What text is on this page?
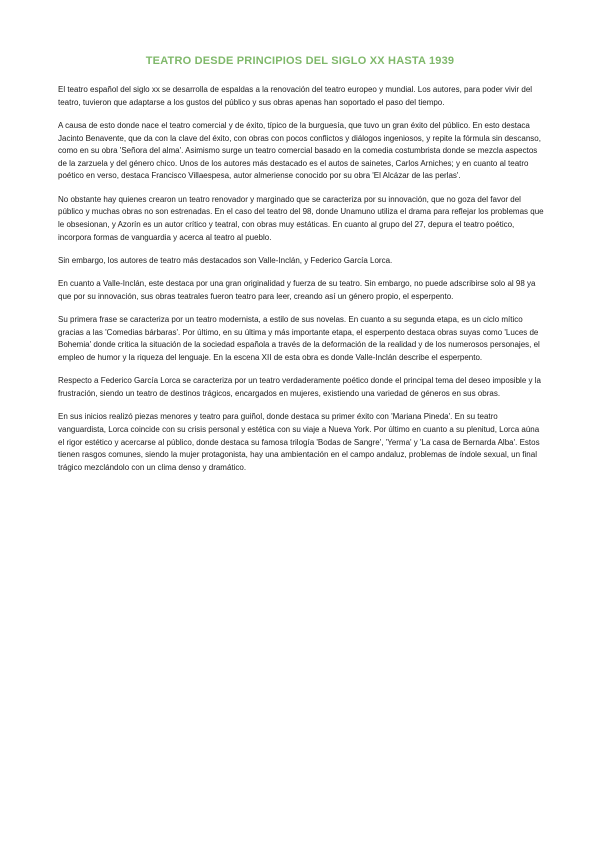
TEATRO DESDE PRINCIPIOS DEL SIGLO XX HASTA 1939

El teatro español del siglo xx se desarrolla de espaldas a la renovación del teatro europeo y mundial. Los autores, para poder vivir del teatro, tuvieron que adaptarse a los gustos del público y sus obras apenas han soportado el paso del tiempo.

A causa de esto donde nace el teatro comercial y de éxito, típico de la burguesía, que tuvo un gran éxito del público. En esto destaca Jacinto Benavente, que da con la clave del éxito, con obras con pocos conflictos y diálogos ingeniosos, y repite la fórmula sin descanso, como en su obra 'Señora del alma'. Asimismo surge un teatro comercial basado en la comedia costumbrista donde se mezcla aspectos de la zarzuela y del género chico. Unos de los autores más destacado es el autos de sainetes, Carlos Arniches; y en cuanto al teatro poético en verso, destaca Francisco Villaespesa, autor almeriense conocido por su obra 'El Alcázar de las perlas'.

No obstante hay quienes crearon un teatro renovador y marginado que se caracteriza por su innovación, que no goza del favor del público y muchas obras no son estrenadas. En el caso del teatro del 98, donde Unamuno utiliza el drama para reflejar los problemas que le obsesionan, y Azorín es un autor crítico y teatral, con obras muy estáticas. En cuanto al grupo del 27, depura el teatro poético, incorpora formas de vanguardia y acerca al teatro al pueblo.

Sin embargo, los autores de teatro más destacados son Valle-Inclán, y Federico García Lorca.

En cuanto a Valle-Inclán, este destaca por una gran originalidad y fuerza de su teatro. Sin embargo, no puede adscribirse solo al 98 ya que por su innovación, sus obras teatrales fueron teatro para leer, creando así un género propio, el esperpento.

Su primera frase se caracteriza por un teatro modernista, a estilo de sus novelas. En cuanto a su segunda etapa, es un ciclo mítico gracias a las 'Comedias bárbaras'. Por último, en su última y más importante etapa, el esperpento destaca obras suyas como 'Luces de Bohemia' donde critica la situación de la sociedad española a través de la deformación de la realidad y de los numerosos personajes, el empleo de humor y la riqueza del lenguaje. En la escena XII de esta obra es donde Valle-Inclán describe el esperpento.

Respecto a Federico García Lorca se caracteriza por un teatro verdaderamente poético donde el principal tema del deseo imposible y la frustración, siendo un teatro de destinos trágicos, encargados en mujeres, existiendo una variedad de géneros en sus obras.

En sus inicios realizó piezas menores y teatro para guiñol, donde destaca su primer éxito con 'Mariana Pineda'. En su teatro vanguardista, Lorca coincide con su crisis personal y estética con su viaje a Nueva York. Por último en cuanto a su plenitud, Lorca aúna el rigor estético y acercarse al público, donde destaca su famosa trilogía 'Bodas de Sangre', 'Yerma' y 'La casa de Bernarda Alba'. Estos tienen rasgos comunes, siendo la mujer protagonista, hay una ambientación en el campo andaluz, problemas de índole sexual, un final trágico mezclándolo con un clima denso y dramático.
